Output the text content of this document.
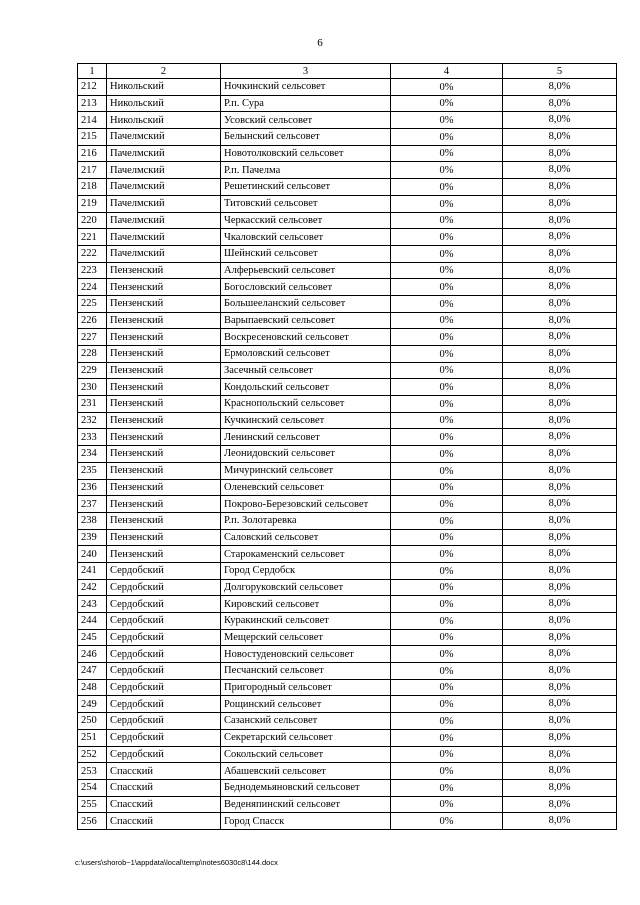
6
1	2	3	4	5
212	Никольский	Ночкинский сельсовет	0%	8,0%
213	Никольский	Р.п. Сура	0%	8,0%
214	Никольский	Усовский сельсовет	0%	8,0%
215	Пачелмский	Белынский сельсовет	0%	8,0%
216	Пачелмский	Новотолковский сельсовет	0%	8,0%
217	Пачелмский	Р.п. Пачелма	0%	8,0%
218	Пачелмский	Решетинский сельсовет	0%	8,0%
219	Пачелмский	Титовский сельсовет	0%	8,0%
220	Пачелмский	Черкасский сельсовет	0%	8,0%
221	Пачелмский	Чкаловский сельсовет	0%	8,0%
222	Пачелмский	Шейнский сельсовет	0%	8,0%
223	Пензенский	Алферьевский сельсовет	0%	8,0%
224	Пензенский	Богословский сельсовет	0%	8,0%
225	Пензенский	Большееланский сельсовет	0%	8,0%
226	Пензенский	Варыпаевский сельсовет	0%	8,0%
227	Пензенский	Воскресеновский сельсовет	0%	8,0%
228	Пензенский	Ермоловский сельсовет	0%	8,0%
229	Пензенский	Засечный сельсовет	0%	8,0%
230	Пензенский	Кондольский сельсовет	0%	8,0%
231	Пензенский	Краснопольский сельсовет	0%	8,0%
232	Пензенский	Кучкинский сельсовет	0%	8,0%
233	Пензенский	Ленинский сельсовет	0%	8,0%
234	Пензенский	Леонидовский сельсовет	0%	8,0%
235	Пензенский	Мичуринский сельсовет	0%	8,0%
236	Пензенский	Оленевский сельсовет	0%	8,0%
237	Пензенский	Покрово-Березовский сельсовет	0%	8,0%
238	Пензенский	Р.п. Золотаревка	0%	8,0%
239	Пензенский	Саловский сельсовет	0%	8,0%
240	Пензенский	Старокаменский сельсовет	0%	8,0%
241	Сердобский	Город Сердобск	0%	8,0%
242	Сердобский	Долгоруковский сельсовет	0%	8,0%
243	Сердобский	Кировский сельсовет	0%	8,0%
244	Сердобский	Куракинский сельсовет	0%	8,0%
245	Сердобский	Мещерский сельсовет	0%	8,0%
246	Сердобский	Новостуденовский сельсовет	0%	8,0%
247	Сердобский	Песчанский сельсовет	0%	8,0%
248	Сердобский	Пригородный сельсовет	0%	8,0%
249	Сердобский	Рощинский сельсовет	0%	8,0%
250	Сердобский	Сазанский сельсовет	0%	8,0%
251	Сердобский	Секретарский сельсовет	0%	8,0%
252	Сердобский	Сокольский сельсовет	0%	8,0%
253	Спасский	Абашевский сельсовет	0%	8,0%
254	Спасский	Беднодемьяновский сельсовет	0%	8,0%
255	Спасский	Веденяпинский сельсовет	0%	8,0%
256	Спасский	Город Спасск	0%	8,0%
c:\users\shorob~1\appdata\local\temp\notes6030c8\144.docx
